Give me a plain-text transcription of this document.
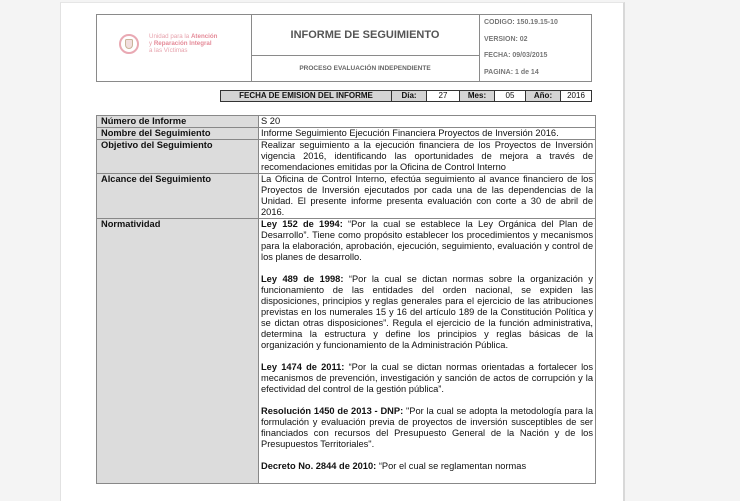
Unidad para la Atención
y Reparación Integral
a las Víctimas
INFORME DE SEGUIMIENTO
PROCESO EVALUACIÓN INDEPENDIENTE
CODIGO: 150.19.15-10
VERSION: 02
FECHA: 09/03/2015
PAGINA: 1 de 14
FECHA DE EMISION DEL INFORME	Día:	27	Mes:	05	Año:	2016
Número de Informe	S 20
Nombre del Seguimiento	Informe Seguimiento Ejecución Financiera Proyectos de Inversión 2016.
Objetivo del Seguimiento	Realizar seguimiento a la ejecución financiera de los Proyectos de Inversión vigencia 2016, identificando las oportunidades de mejora a través de recomendaciones emitidas por la Oficina de Control Interno
Alcance del Seguimiento	La Oficina de Control Interno, efectúa seguimiento al avance financiero de los Proyectos de Inversión ejecutados por cada una de las dependencias de la Unidad. El presente informe presenta evaluación con corte a 30 de abril de 2016.
Normatividad	Ley 152 de 1994: “Por la cual se establece la Ley Orgánica del Plan de Desarrollo”. Tiene como propósito establecer los procedimientos y mecanismos para la elaboración, aprobación, ejecución, seguimiento, evaluación y control de los planes de desarrollo.

Ley 489 de 1998: “Por la cual se dictan normas sobre la organización y funcionamiento de las entidades del orden nacional, se expiden las disposiciones, principios y reglas generales para el ejercicio de las atribuciones previstas en los numerales 15 y 16 del artículo 189 de la Constitución Política y se dictan otras disposiciones”. Regula el ejercicio de la función administrativa, determina la estructura y define los principios y reglas básicas de la organización y funcionamiento de la Administración Pública.

Ley 1474 de 2011: “Por la cual se dictan normas orientadas a fortalecer los mecanismos de prevención, investigación y sanción de actos de corrupción y la efectividad del control de la gestión pública”.

Resolución 1450 de 2013 - DNP: "Por la cual se adopta la metodología para la formulación y evaluación previa de proyectos de inversión susceptibles de ser financiados con recursos del Presupuesto General de la Nación y de los Presupuestos Territoriales".

Decreto No. 2844 de 2010: “Por el cual se reglamentan normas
